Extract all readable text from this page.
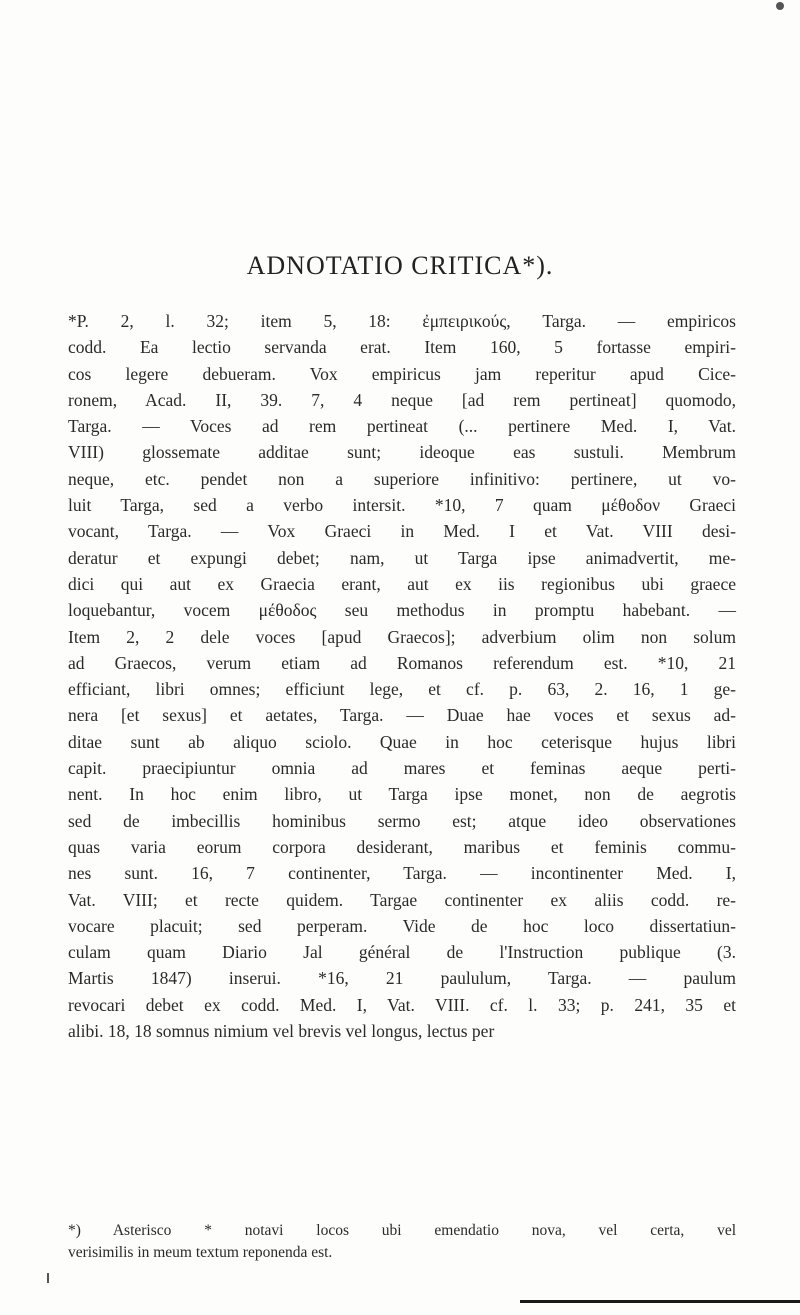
ADNOTATIO CRITICA*).
*P. 2, l. 32; item 5, 18: ἐμπειρικούς, Targa. — empiricos
codd. Ea lectio servanda erat. Item 160, 5 fortasse empiri-
cos legere debueram. Vox empiricus jam reperitur apud Cice-
ronem, Acad. II, 39. 7, 4 neque [ad rem pertineat] quomodo,
Targa. — Voces ad rem pertineat (... pertinere Med. I, Vat.
VIII) glossemate additae sunt; ideoque eas sustuli. Membrum
neque, etc. pendet non a superiore infinitivo: pertinere, ut vo-
luit Targa, sed a verbo intersit. *10, 7 quam μέθοδον Graeci
vocant, Targa. — Vox Graeci in Med. I et Vat. VIII desi-
deratur et expungi debet; nam, ut Targa ipse animadvertit, me-
dici qui aut ex Graecia erant, aut ex iis regionibus ubi graece
loquebantur, vocem μέθοδος seu methodus in promptu habebant. —
Item 2, 2 dele voces [apud Graecos]; adverbium olim non solum
ad Graecos, verum etiam ad Romanos referendum est. *10, 21
efficiant, libri omnes; efficiunt lege, et cf. p. 63, 2. 16, 1 ge-
nera [et sexus] et aetates, Targa. — Duae hae voces et sexus ad-
ditae sunt ab aliquo sciolo. Quae in hoc ceterisque hujus libri
capit. praecipiuntur omnia ad mares et feminas aeque perti-
nent. In hoc enim libro, ut Targa ipse monet, non de aegrotis
sed de imbecillis hominibus sermo est; atque ideo observationes
quas varia eorum corpora desiderant, maribus et feminis commu-
nes sunt. 16, 7 continenter, Targa. — incontinenter Med. I,
Vat. VIII; et recte quidem. Targae continenter ex aliis codd. re-
vocare placuit; sed perperam. Vide de hoc loco dissertatiun-
culam quam Diario Jal général de l'Instruction publique (3.
Martis 1847) inserui. *16, 21 paululum, Targa. — paulum
revocari debet ex codd. Med. I, Vat. VIII. cf. l. 33; p. 241, 35 et
alibi. 18, 18 somnus nimium vel brevis vel longus, lectus per
*) Asterisco * notavi locos ubi emendatio nova, vel certa, vel
verisimilis in meum textum reponenda est.
